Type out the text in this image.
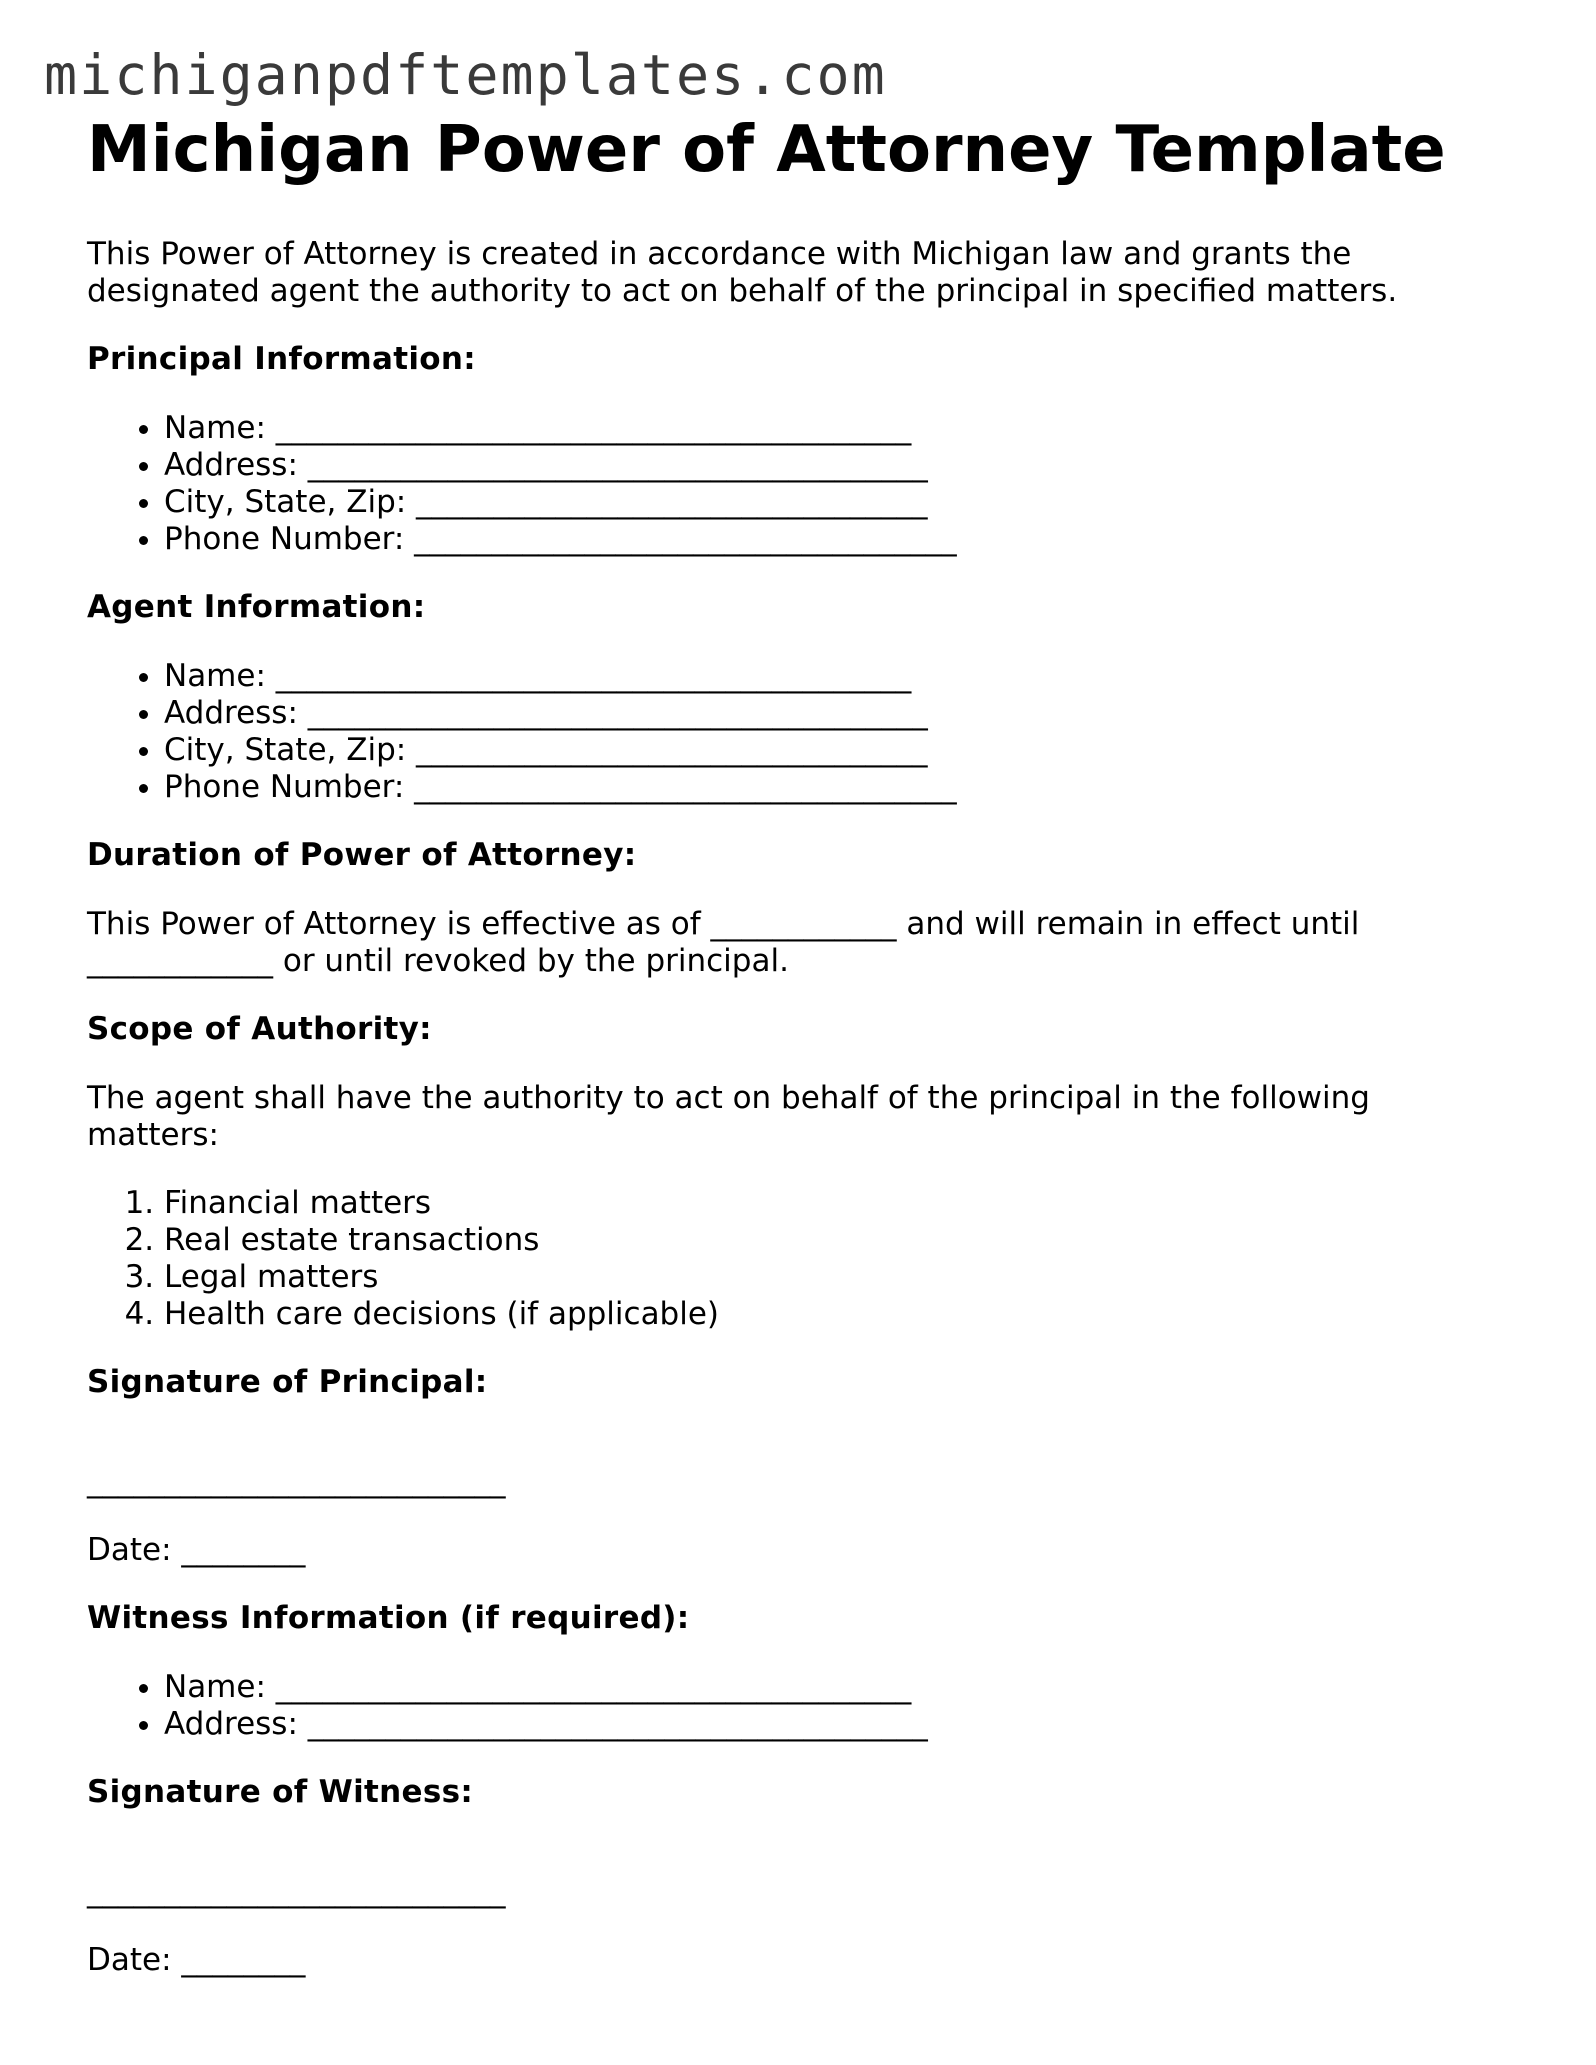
michiganpdftemplates.com
Michigan Power of Attorney Template

This Power of Attorney is created in accordance with Michigan law and grants the designated agent the authority to act on behalf of the principal in specified matters.

Principal Information:
• Name: _________________________________________
• Address: ________________________________________
• City, State, Zip: _________________________________
• Phone Number: ___________________________________
Agent Information:
• Name: _________________________________________
• Address: ________________________________________
• City, State, Zip: _________________________________
• Phone Number: ___________________________________
Duration of Power of Attorney:

This Power of Attorney is effective as of ____________ and will remain in effect until

____________ or until revoked by the principal.

Scope of Authority:

The agent shall have the authority to act on behalf of the principal in the following matters:

1. Financial matters
2. Real estate transactions
3. Legal matters
4. Health care decisions (if applicable)
Signature of Principal:

___________________________

Date: ________

Witness Information (if required):
• Name: _________________________________________
• Address: ________________________________________
Signature of Witness:

___________________________

Date: ________
